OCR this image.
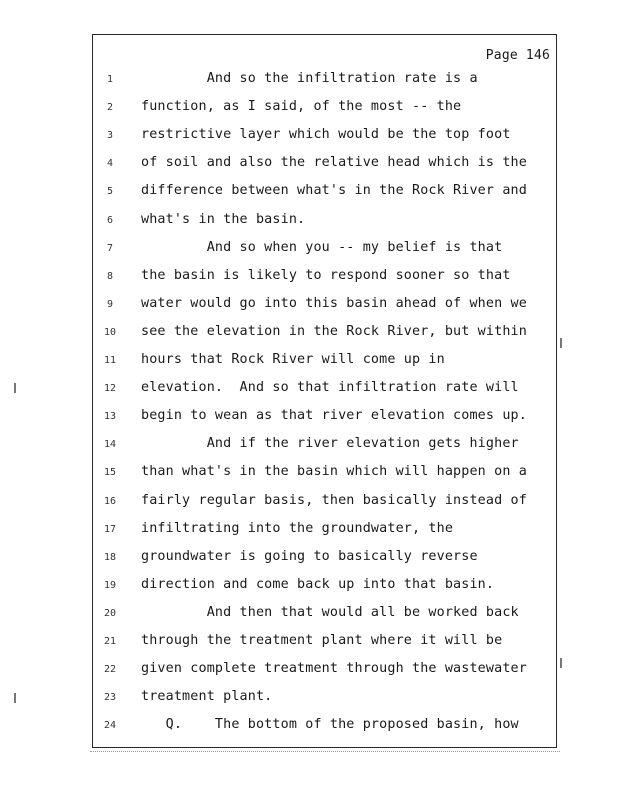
Page 146
1	And so the infiltration rate is a
2	function, as I said, of the most -- the
3	restrictive layer which would be the top foot
4	of soil and also the relative head which is the
5	difference between what's in the Rock River and
6	what's in the basin.
7	And so when you -- my belief is that
8	the basin is likely to respond sooner so that
9	water would go into this basin ahead of when we
10	see the elevation in the Rock River, but within
11	hours that Rock River will come up in
12	elevation.  And so that infiltration rate will
13	begin to wean as that river elevation comes up.
14	And if the river elevation gets higher
15	than what's in the basin which will happen on a
16	fairly regular basis, then basically instead of
17	infiltrating into the groundwater, the
18	groundwater is going to basically reverse
19	direction and come back up into that basin.
20	And then that would all be worked back
21	through the treatment plant where it will be
22	given complete treatment through the wastewater
23	treatment plant.
24	Q.    The bottom of the proposed basin, how
